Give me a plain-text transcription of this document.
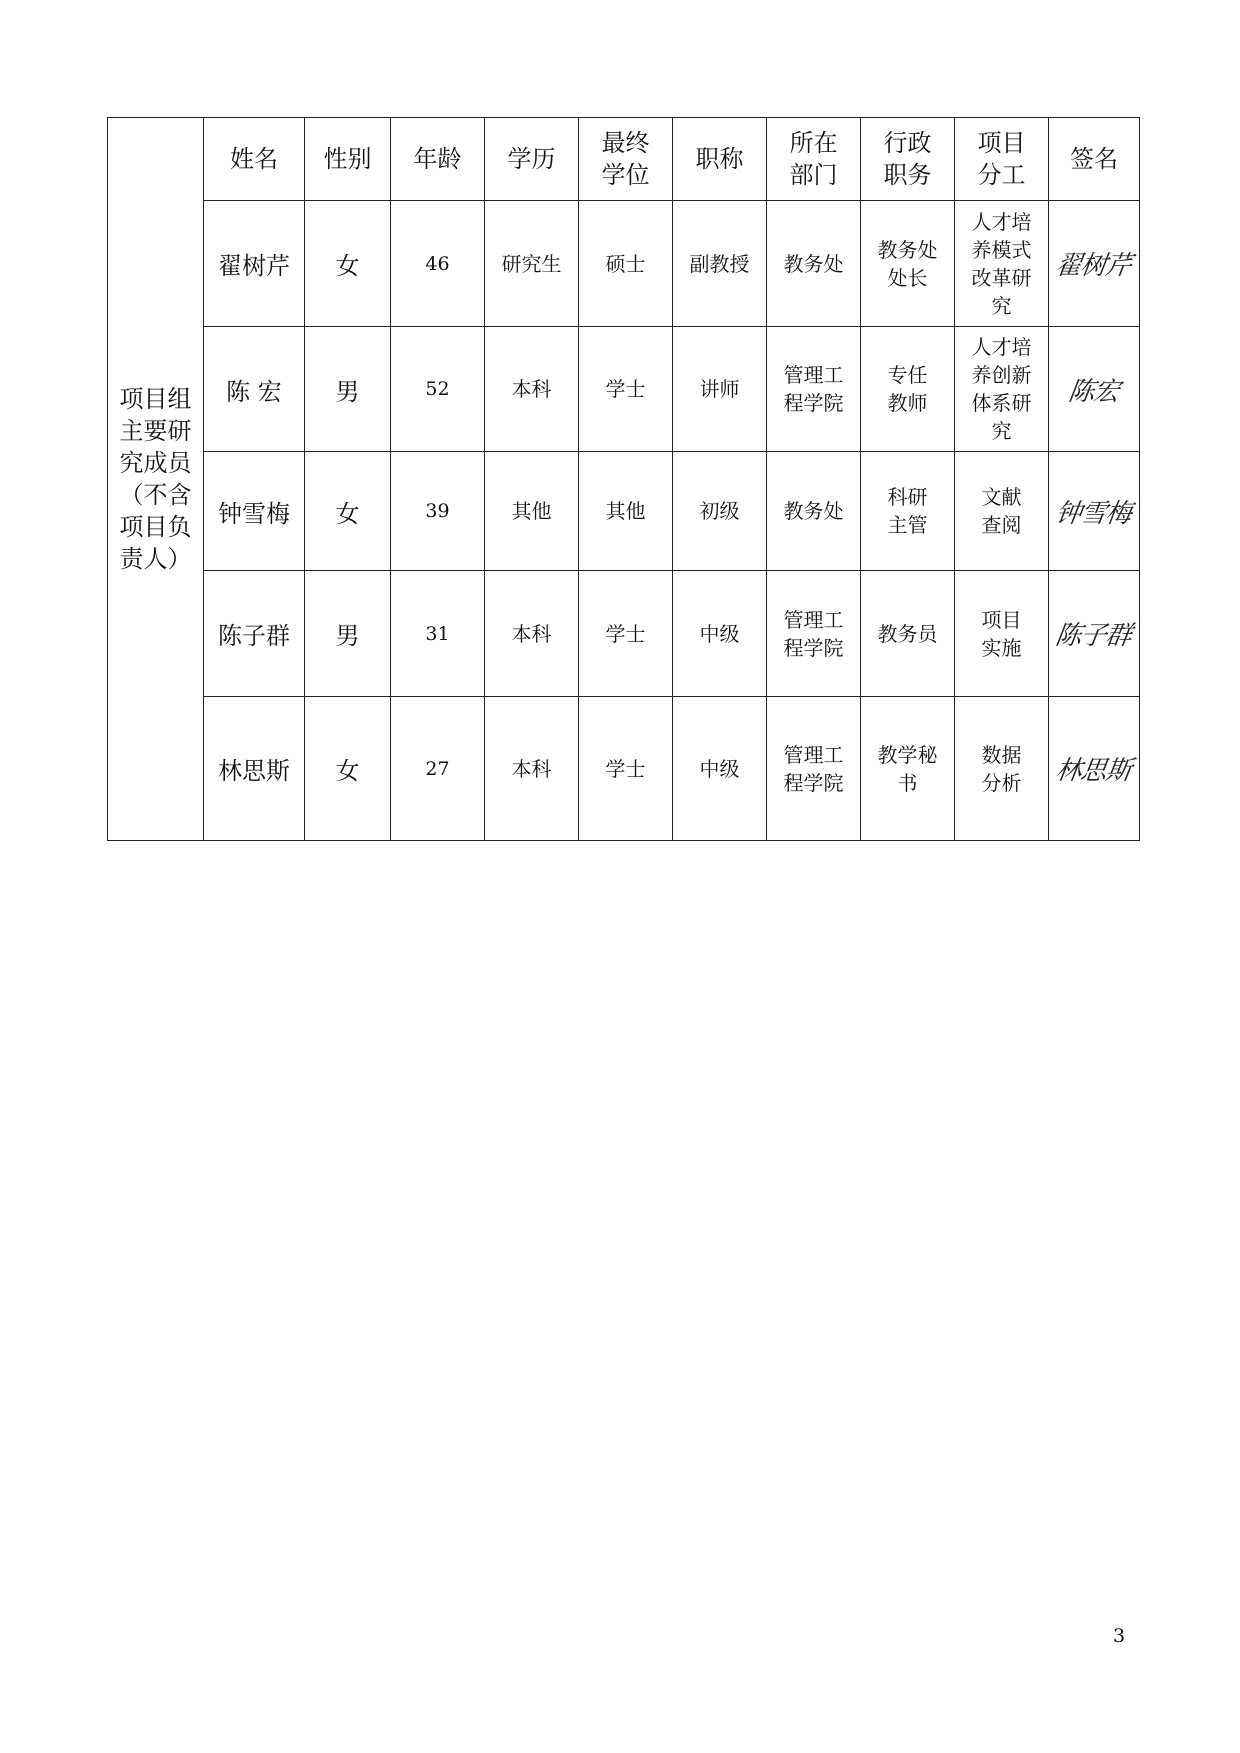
项目组主要研究成员（不含项目负责人）	姓名	性别	年龄	学历	最终学位	职称	所在部门	行政职务	项目分工	签名
	翟树芹	女	46	研究生	硕士	副教授	教务处	教务处处长	人才培养模式改革研究	翟树芹
	陈 宏	男	52	本科	学士	讲师	管理工程学院	专任教师	人才培养创新体系研究	陈宏
	钟雪梅	女	39	其他	其他	初级	教务处	科研主管	文献查阅	钟雪梅
	陈子群	男	31	本科	学士	中级	管理工程学院	教务员	项目实施	陈子群
	林思斯	女	27	本科	学士	中级	管理工程学院	教学秘书	数据分析	林思斯
3
